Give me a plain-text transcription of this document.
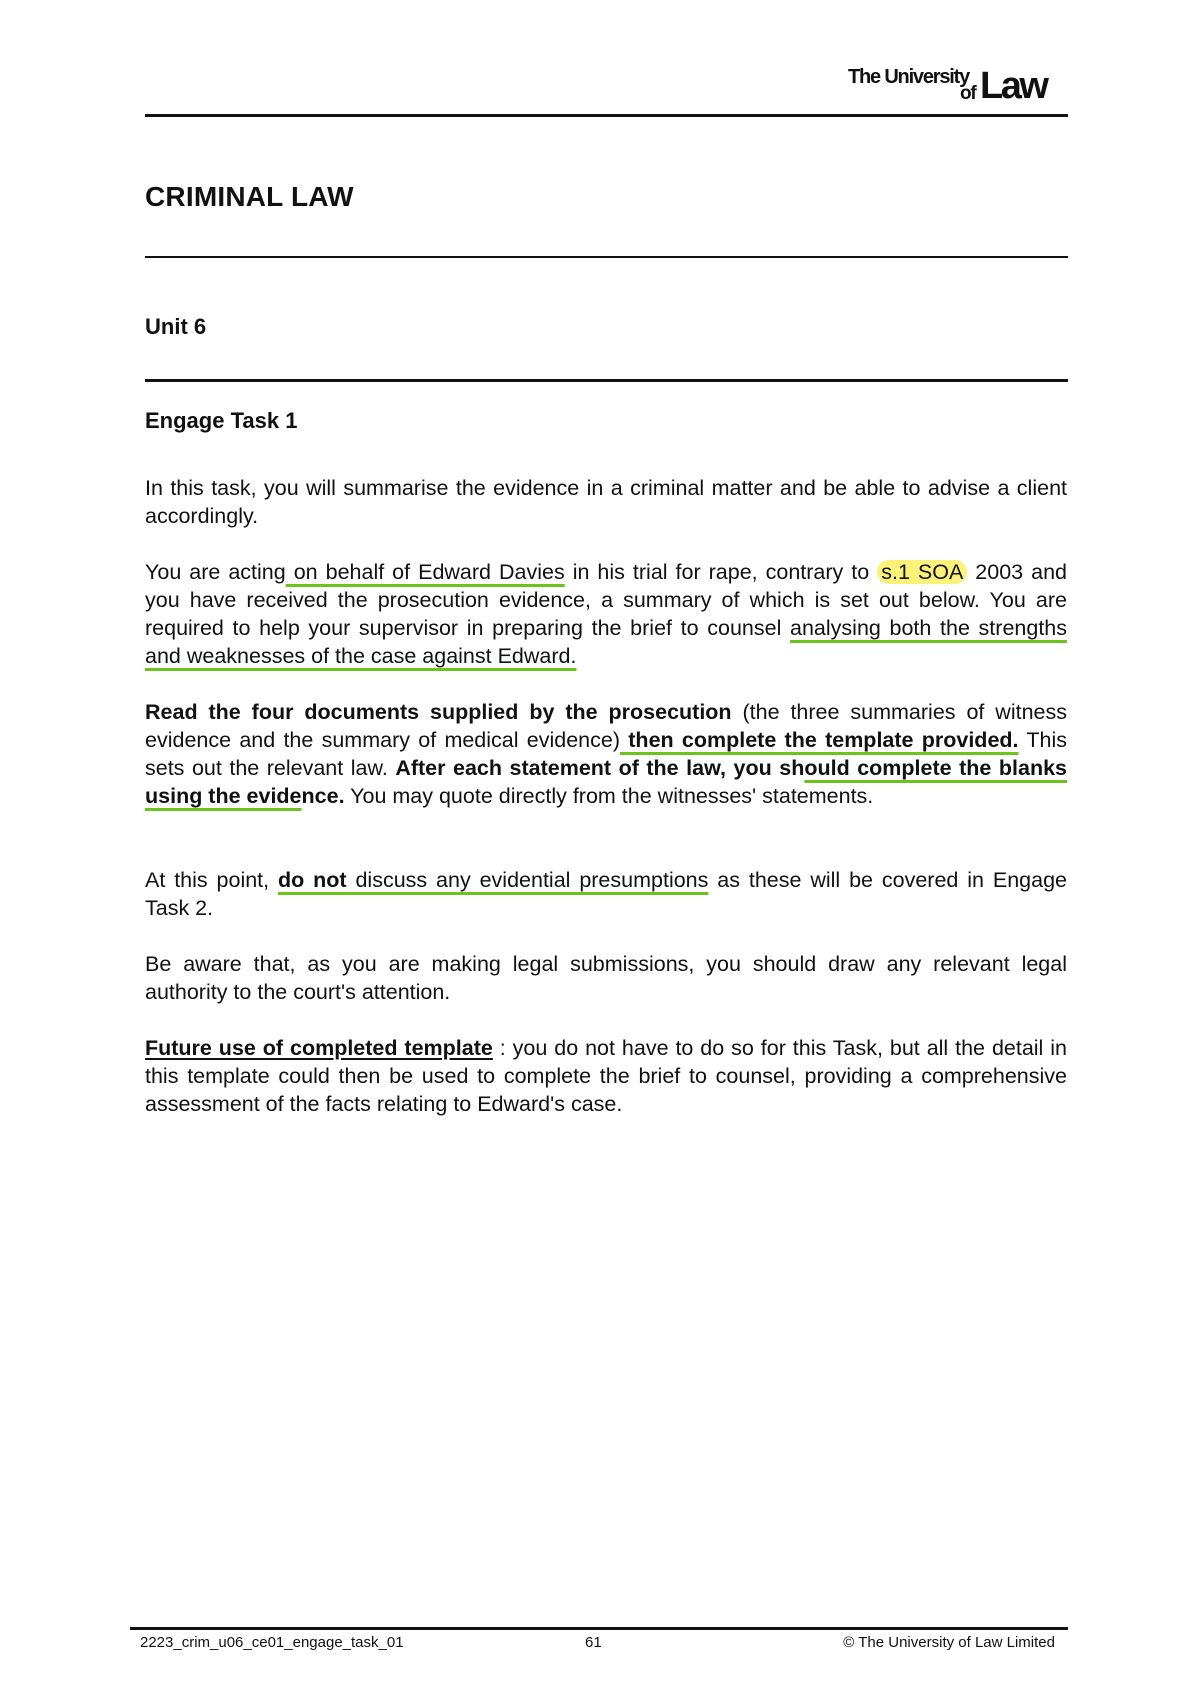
The University
of Law
CRIMINAL LAW
Unit 6
Engage Task 1

In this task, you will summarise the evidence in a criminal matter and be able to advise a client accordingly.

You are acting on behalf of Edward Davies in his trial for rape, contrary to s.1 SOA 2003 and you have received the prosecution evidence, a summary of which is set out below. You are required to help your supervisor in preparing the brief to counsel analysing both the strengths and weaknesses of the case against Edward.

Read the four documents supplied by the prosecution (the three summaries of witness evidence and the summary of medical evidence) then complete the template provided. This sets out the relevant law. After each statement of the law, you should complete the blanks using the evidence. You may quote directly from the witnesses' statements.

At this point, do not discuss any evidential presumptions as these will be covered in Engage Task 2.

Be aware that, as you are making legal submissions, you should draw any relevant legal authority to the court's attention.

Future use of completed template : you do not have to do so for this Task, but all the detail in this template could then be used to complete the brief to counsel, providing a comprehensive assessment of the facts relating to Edward's case.

2223_crim_u06_ce01_engage_task_01	61	© The University of Law Limited
